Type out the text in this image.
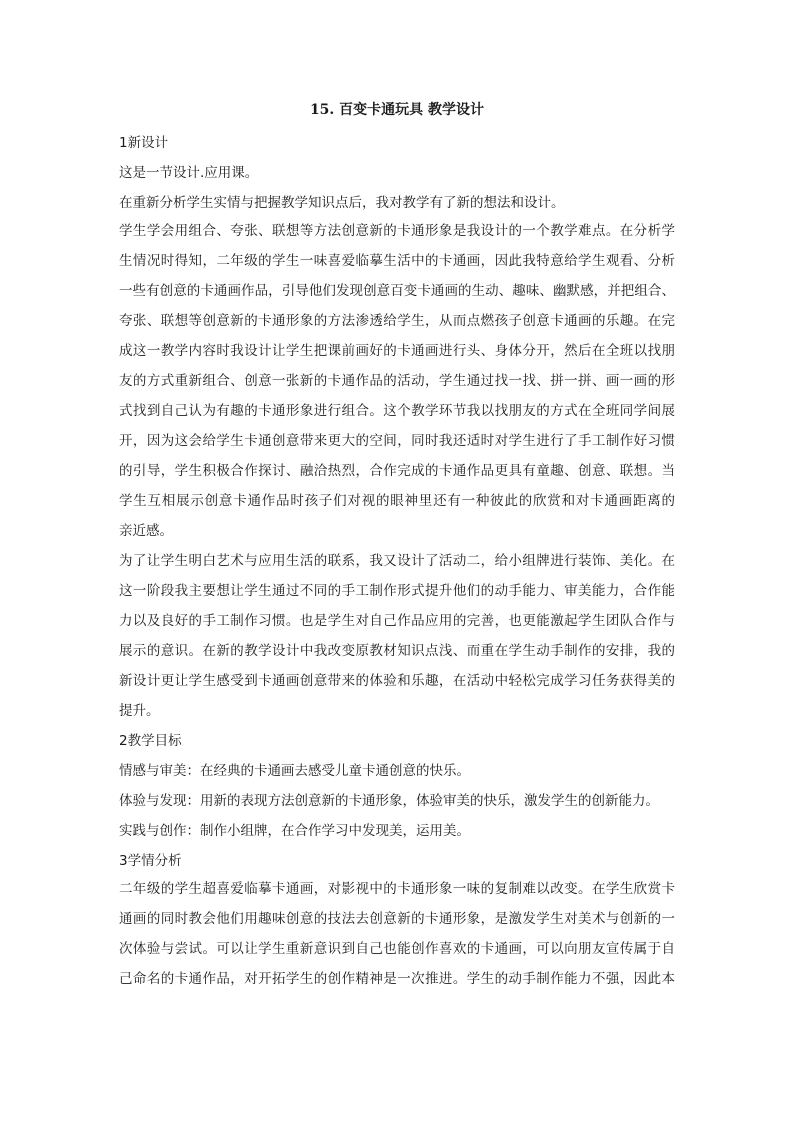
15. 百变卡通玩具 教学设计
1新设计
这是一节设计.应用课。
在重新分析学生实情与把握教学知识点后，我对教学有了新的想法和设计。
学生学会用组合、夸张、联想等方法创意新的卡通形象是我设计的一个教学难点。在分析学
生情况时得知，二年级的学生一味喜爱临摹生活中的卡通画，因此我特意给学生观看、分析
一些有创意的卡通画作品，引导他们发现创意百变卡通画的生动、趣味、幽默感，并把组合、
夸张、联想等创意新的卡通形象的方法渗透给学生，从而点燃孩子创意卡通画的乐趣。在完
成这一教学内容时我设计让学生把课前画好的卡通画进行头、身体分开，然后在全班以找朋
友的方式重新组合、创意一张新的卡通作品的活动，学生通过找一找、拼一拼、画一画的形
式找到自己认为有趣的卡通形象进行组合。这个教学环节我以找朋友的方式在全班同学间展
开，因为这会给学生卡通创意带来更大的空间，同时我还适时对学生进行了手工制作好习惯
的引导，学生积极合作探讨、融洽热烈，合作完成的卡通作品更具有童趣、创意、联想。当
学生互相展示创意卡通作品时孩子们对视的眼神里还有一种彼此的欣赏和对卡通画距离的
亲近感。
为了让学生明白艺术与应用生活的联系，我又设计了活动二，给小组牌进行装饰、美化。在
这一阶段我主要想让学生通过不同的手工制作形式提升他们的动手能力、审美能力，合作能
力以及良好的手工制作习惯。也是学生对自己作品应用的完善，也更能激起学生团队合作与
展示的意识。在新的教学设计中我改变原教材知识点浅、而重在学生动手制作的安排，我的
新设计更让学生感受到卡通画创意带来的体验和乐趣，在活动中轻松完成学习任务获得美的
提升。
2教学目标
情感与审美：在经典的卡通画去感受儿童卡通创意的快乐。
体验与发现：用新的表现方法创意新的卡通形象，体验审美的快乐，激发学生的创新能力。
实践与创作：制作小组牌，在合作学习中发现美，运用美。
3学情分析
二年级的学生超喜爱临摹卡通画，对影视中的卡通形象一味的复制难以改变。在学生欣赏卡
通画的同时教会他们用趣味创意的技法去创意新的卡通形象，是激发学生对美术与创新的一
次体验与尝试。可以让学生重新意识到自己也能创作喜欢的卡通画，可以向朋友宣传属于自
己命名的卡通作品，对开拓学生的创作精神是一次推进。学生的动手制作能力不强，因此本
